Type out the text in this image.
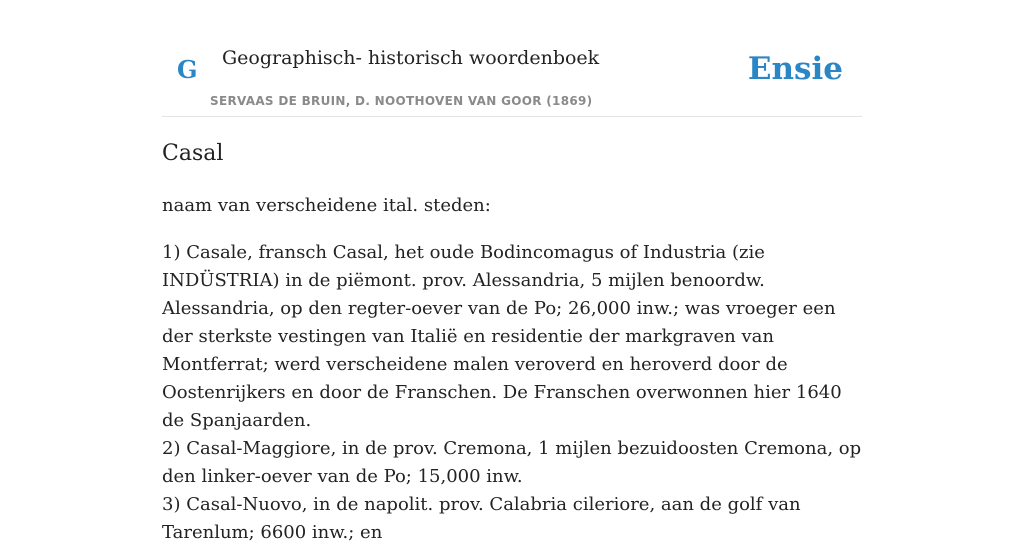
G Geographisch- historisch woordenboek
SERVAAS DE BRUIN, D. NOOTHOVEN VAN GOOR (1869)
Ensie
Casal

naam van verscheidene ital. steden:

1) Casale, fransch Casal, het oude Bodincomagus of Industria (zie INDÜSTRIA) in de piëmont. prov. Alessandria, 5 mijlen benoordw. Alessandria, op den regter-oever van de Po; 26,000 inw.; was vroeger een der sterkste vestingen van Italië en residentie der markgraven van Montferrat; werd verscheidene malen veroverd en heroverd door de Oostenrijkers en door de Franschen. De Franschen overwonnen hier 1640 de Spanjaarden.

2) Casal-Maggiore, in de prov. Cremona, 1 mijlen bezuidoosten Cremona, op den linker-oever van de Po; 15,000 inw.

3) Casal-Nuovo, in de napolit. prov. Calabria cileriore, aan de golf van Tarenlum; 6600 inw.; en
